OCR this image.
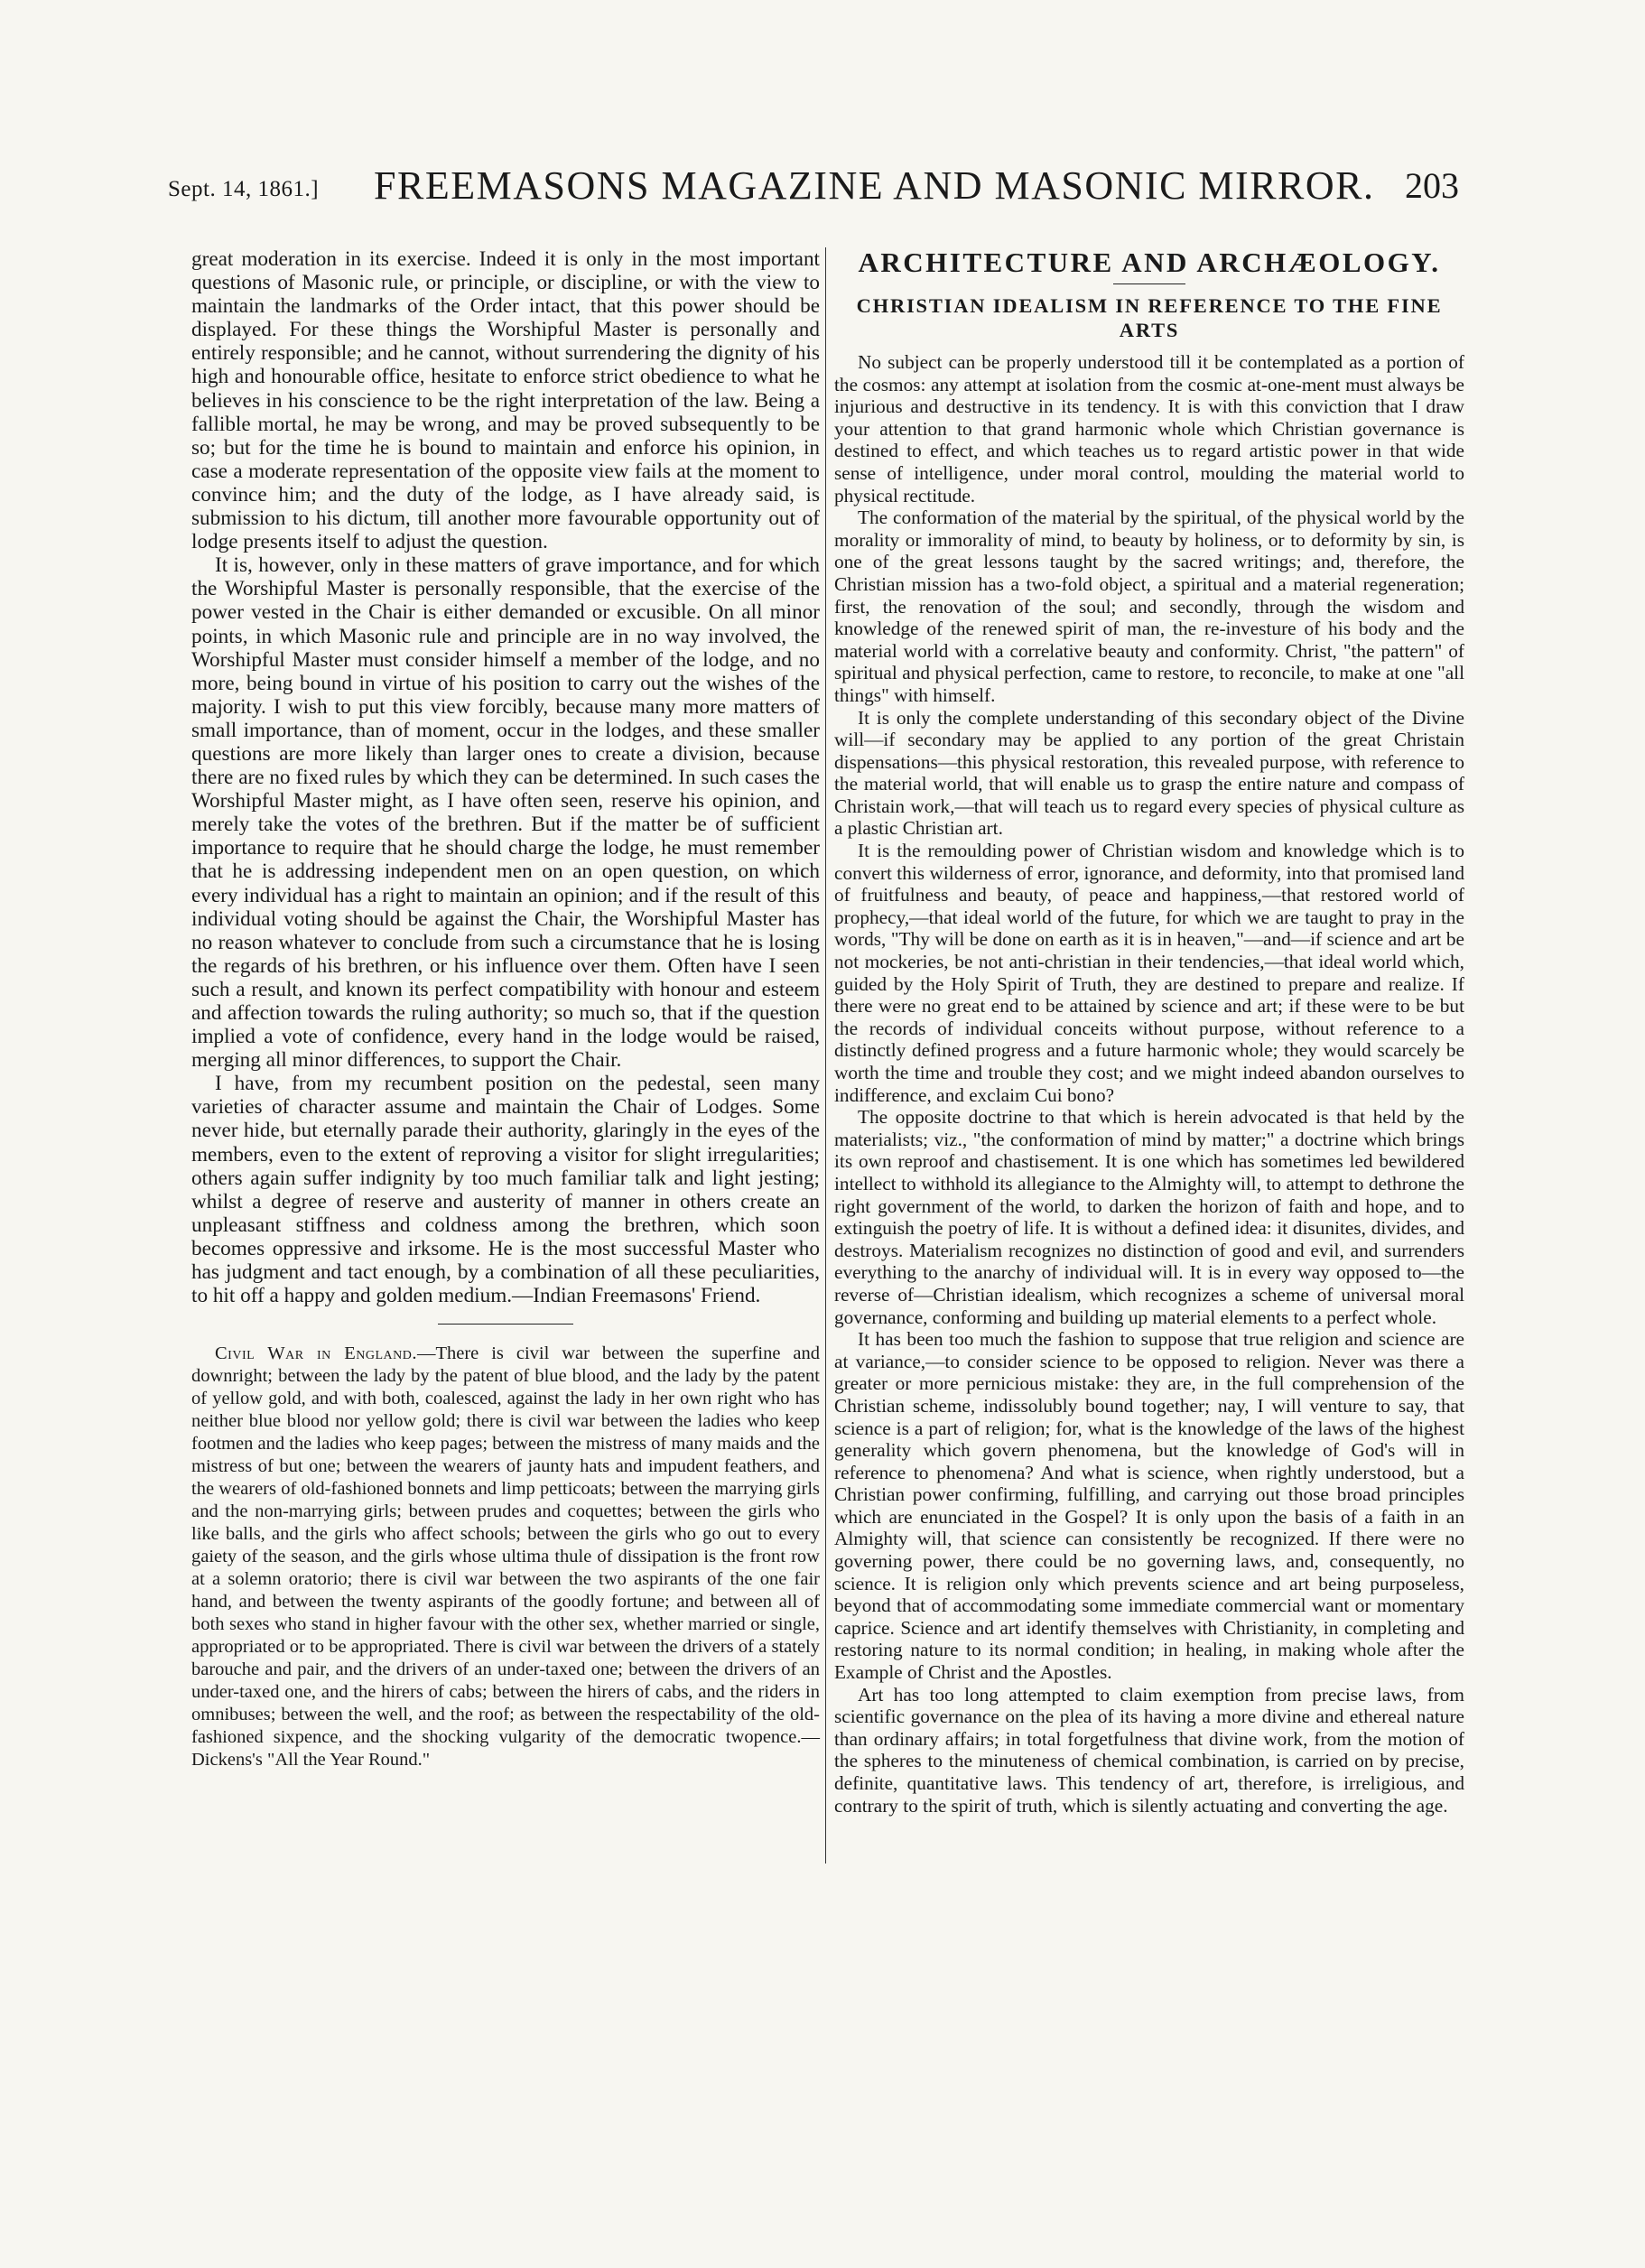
Sept. 14, 1861.] FREEMASONS MAGAZINE AND MASONIC MIRROR. 203

great moderation in its exercise. Indeed it is only in the most important questions of Masonic rule, or principle, or discipline, or with the view to maintain the landmarks of the Order intact, that this power should be displayed. For these things the Worshipful Master is personally and entirely responsible; and he cannot, without surrendering the dignity of his high and honourable office, hesitate to enforce strict obedience to what he believes in his conscience to be the right interpretation of the law. Being a fallible mortal, he may be wrong, and may be proved subsequently to be so; but for the time he is bound to maintain and enforce his opinion, in case a moderate representation of the opposite view fails at the moment to convince him; and the duty of the lodge, as I have already said, is submission to his dictum, till another more favourable opportunity out of lodge presents itself to adjust the question.

It is, however, only in these matters of grave importance, and for which the Worshipful Master is personally responsible, that the exercise of the power vested in the Chair is either demanded or excusible. On all minor points, in which Masonic rule and principle are in no way involved, the Worshipful Master must consider himself a member of the lodge, and no more, being bound in virtue of his position to carry out the wishes of the majority. I wish to put this view forcibly, because many more matters of small importance, than of moment, occur in the lodges, and these smaller questions are more likely than larger ones to create a division, because there are no fixed rules by which they can be determined. In such cases the Worshipful Master might, as I have often seen, reserve his opinion, and merely take the votes of the brethren. But if the matter be of sufficient importance to require that he should charge the lodge, he must remember that he is addressing independent men on an open question, on which every individual has a right to maintain an opinion; and if the result of this individual voting should be against the Chair, the Worshipful Master has no reason whatever to conclude from such a circumstance that he is losing the regards of his brethren, or his influence over them. Often have I seen such a result, and known its perfect compatibility with honour and esteem and affection towards the ruling authority; so much so, that if the question implied a vote of confidence, every hand in the lodge would be raised, merging all minor differences, to support the Chair.

I have, from my recumbent position on the pedestal, seen many varieties of character assume and maintain the Chair of Lodges. Some never hide, but eternally parade their authority, glaringly in the eyes of the members, even to the extent of reproving a visitor for slight irregularities; others again suffer indignity by too much familiar talk and light jesting; whilst a degree of reserve and austerity of manner in others create an unpleasant stiffness and coldness among the brethren, which soon becomes oppressive and irksome. He is the most successful Master who has judgment and tact enough, by a combination of all these peculiarities, to hit off a happy and golden medium.—Indian Freemasons' Friend.

Civil War in England.—There is civil war between the superfine and downright; between the lady by the patent of blue blood, and the lady by the patent of yellow gold, and with both, coalesced, against the lady in her own right who has neither blue blood nor yellow gold; there is civil war between the ladies who keep footmen and the ladies who keep pages; between the mistress of many maids and the mistress of but one; between the wearers of jaunty hats and impudent feathers, and the wearers of old-fashioned bonnets and limp petticoats; between the marrying girls and the non-marrying girls; between prudes and coquettes; between the girls who like balls, and the girls who affect schools; between the girls who go out to every gaiety of the season, and the girls whose ultima thule of dissipation is the front row at a solemn oratorio; there is civil war between the two aspirants of the one fair hand, and between the twenty aspirants of the goodly fortune; and between all of both sexes who stand in higher favour with the other sex, whether married or single, appropriated or to be appropriated. There is civil war between the drivers of a stately barouche and pair, and the drivers of an under-taxed one; between the drivers of an under-taxed one, and the hirers of cabs; between the hirers of cabs, and the riders in omnibuses; between the well, and the roof; as between the respectability of the old-fashioned sixpence, and the shocking vulgarity of the democratic twopence.—Dickens's "All the Year Round."

ARCHITECTURE AND ARCHÆOLOGY.
CHRISTIAN IDEALISM IN REFERENCE TO THE FINE ARTS

No subject can be properly understood till it be contemplated as a portion of the cosmos: any attempt at isolation from the cosmic at-one-ment must always be injurious and destructive in its tendency. It is with this conviction that I draw your attention to that grand harmonic whole which Christian governance is destined to effect, and which teaches us to regard artistic power in that wide sense of intelligence, under moral control, moulding the material world to physical rectitude.

The conformation of the material by the spiritual, of the physical world by the morality or immorality of mind, to beauty by holiness, or to deformity by sin, is one of the great lessons taught by the sacred writings; and, therefore, the Christian mission has a two-fold object, a spiritual and a material regeneration; first, the renovation of the soul; and secondly, through the wisdom and knowledge of the renewed spirit of man, the re-investure of his body and the material world with a correlative beauty and conformity. Christ, "the pattern" of spiritual and physical perfection, came to restore, to reconcile, to make at one "all things" with himself.

It is only the complete understanding of this secondary object of the Divine will—if secondary may be applied to any portion of the great Christain dispensations—this physical restoration, this revealed purpose, with reference to the material world, that will enable us to grasp the entire nature and compass of Christain work,—that will teach us to regard every species of physical culture as a plastic Christian art.

It is the remoulding power of Christian wisdom and knowledge which is to convert this wilderness of error, ignorance, and deformity, into that promised land of fruitfulness and beauty, of peace and happiness,—that restored world of prophecy,—that ideal world of the future, for which we are taught to pray in the words, "Thy will be done on earth as it is in heaven,"—and—if science and art be not mockeries, be not anti-christian in their tendencies,—that ideal world which, guided by the Holy Spirit of Truth, they are destined to prepare and realize. If there were no great end to be attained by science and art; if these were to be but the records of individual conceits without purpose, without reference to a distinctly defined progress and a future harmonic whole; they would scarcely be worth the time and trouble they cost; and we might indeed abandon ourselves to indifference, and exclaim Cui bono?

The opposite doctrine to that which is herein advocated is that held by the materialists; viz., "the conformation of mind by matter;" a doctrine which brings its own reproof and chastisement. It is one which has sometimes led bewildered intellect to withhold its allegiance to the Almighty will, to attempt to dethrone the right government of the world, to darken the horizon of faith and hope, and to extinguish the poetry of life. It is without a defined idea: it disunites, divides, and destroys. Materialism recognizes no distinction of good and evil, and surrenders everything to the anarchy of individual will. It is in every way opposed to—the reverse of—Christian idealism, which recognizes a scheme of universal moral governance, conforming and building up material elements to a perfect whole.

It has been too much the fashion to suppose that true religion and science are at variance,—to consider science to be opposed to religion. Never was there a greater or more pernicious mistake: they are, in the full comprehension of the Christian scheme, indissolubly bound together; nay, I will venture to say, that science is a part of religion; for, what is the knowledge of the laws of the highest generality which govern phenomena, but the knowledge of God's will in reference to phenomena? And what is science, when rightly understood, but a Christian power confirming, fulfilling, and carrying out those broad principles which are enunciated in the Gospel? It is only upon the basis of a faith in an Almighty will, that science can consistently be recognized. If there were no governing power, there could be no governing laws, and, consequently, no science. It is religion only which prevents science and art being purposeless, beyond that of accommodating some immediate commercial want or momentary caprice. Science and art identify themselves with Christianity, in completing and restoring nature to its normal condition; in healing, in making whole after the Example of Christ and the Apostles.

Art has too long attempted to claim exemption from precise laws, from scientific governance on the plea of its having a more divine and ethereal nature than ordinary affairs; in total forgetfulness that divine work, from the motion of the spheres to the minuteness of chemical combination, is carried on by precise, definite, quantitative laws. This tendency of art, therefore, is irreligious, and contrary to the spirit of truth, which is silently actuating and converting the age.
